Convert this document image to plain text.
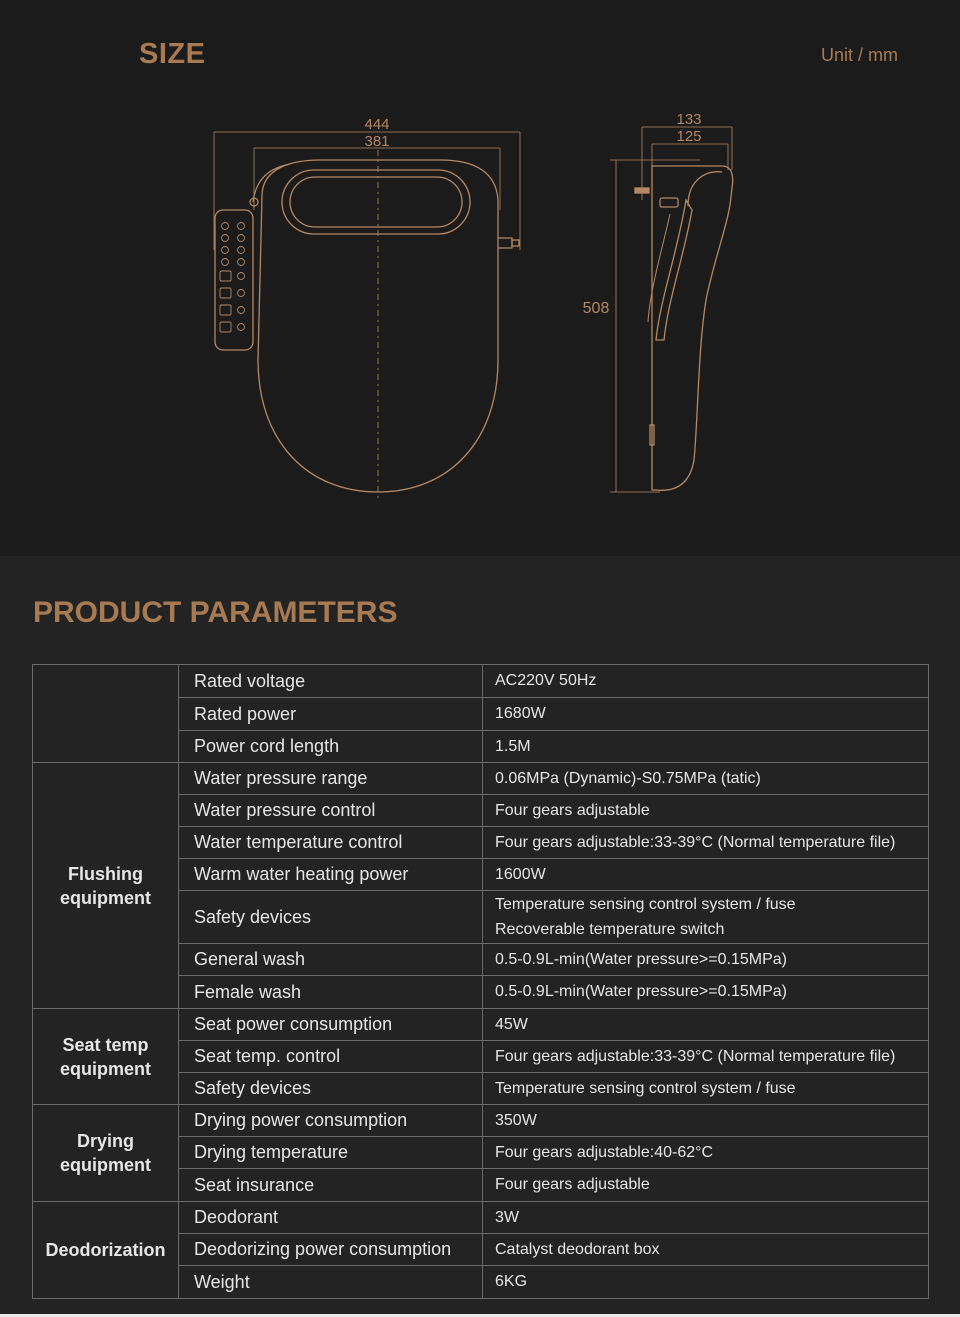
SIZE	Unit / mm
444
381
133
125
508
PRODUCT PARAMETERS
	Rated voltage	AC220V 50Hz
	Rated power	1680W
	Power cord length	1.5M
Flushing equipment	Water pressure range	0.06MPa (Dynamic)-S0.75MPa (tatic)
	Water pressure control	Four gears adjustable
	Water temperature control	Four gears adjustable:33-39°C (Normal temperature file)
	Warm water heating power	1600W
	Safety devices	Temperature sensing control system / fuse
Recoverable temperature switch

	General wash	0.5-0.9L-min(Water pressure>=0.15MPa)
	Female wash	0.5-0.9L-min(Water pressure>=0.15MPa)
Seat temp equipment	Seat power consumption	45W
	Seat temp. control	Four gears adjustable:33-39°C (Normal temperature file)
	Safety devices	Temperature sensing control system / fuse
Drying equipment	Drying power consumption	350W
	Drying temperature	Four gears adjustable:40-62°C
	Seat insurance	Four gears adjustable
Deodorization	Deodorant	3W
	Deodorizing power consumption	Catalyst deodorant box
	Weight	6KG
